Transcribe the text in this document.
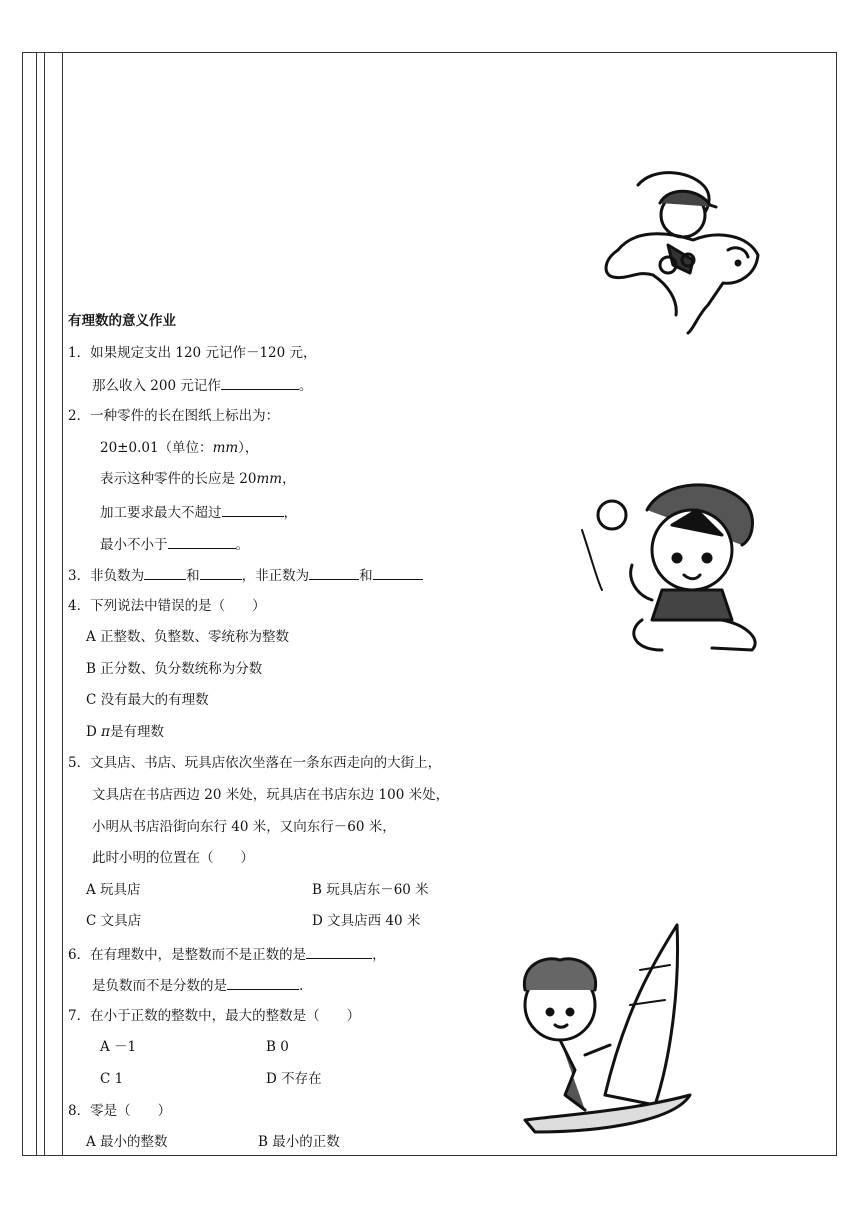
有理数的意义作业
1．如果规定支出 120 元记作－120 元，
那么收入 200 元记作	。
2．一种零件的长在图纸上标出为：
20±0.01（单位：mm），
表示这种零件的长应是 20mm，
加工要求最大不超过	，
最小不小于	。
3．非负数为	和	，非正数为	和
4．下列说法中错误的是（　　）
A 正整数、负整数、零统称为整数
B 正分数、负分数统称为分数
C 没有最大的有理数
D π是有理数
5．文具店、书店、玩具店依次坐落在一条东西走向的大街上，
文具店在书店西边 20 米处，玩具店在书店东边 100 米处，
小明从书店沿街向东行 40 米，又向东行－60 米，
此时小明的位置在（　　）
A 玩具店	B 玩具店东－60 米
C 文具店	D 文具店西 40 米
6．在有理数中，是整数而不是正数的是	，
是负数而不是分数的是	.
7．在小于正数的整数中，最大的整数是（　　）
A －1	B 0
C 1	D 不存在
8．零是（　　）
A 最小的整数	B 最小的正数
